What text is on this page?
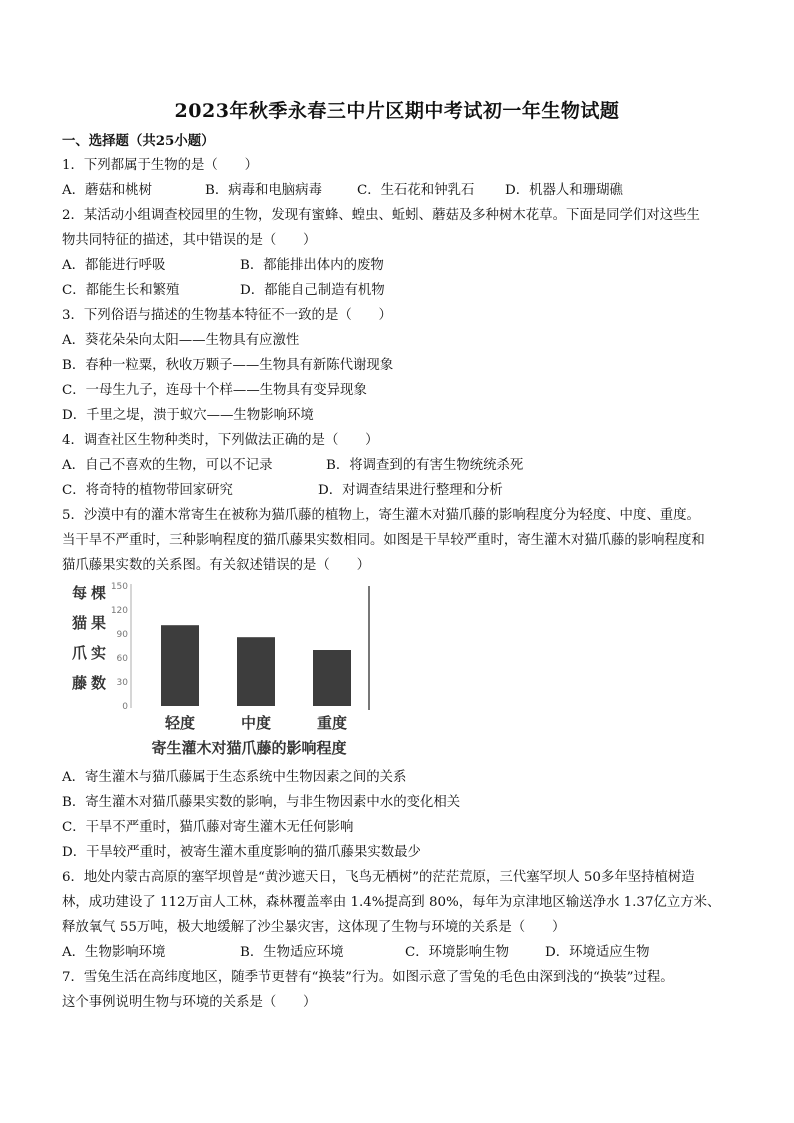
2023年秋季永春三中片区期中考试初一年生物试题
一、选择题（共25小题）
1．下列都属于生物的是（　　）
A．蘑菇和桃树	B．病毒和电脑病毒	C．生石花和钟乳石 D．机器人和珊瑚礁
2．某活动小组调查校园里的生物，发现有蜜蜂、蝗虫、蚯蚓、蘑菇及多种树木花草。下面是同学们对这些生
物共同特征的描述，其中错误的是（　　）
A．都能进行呼吸	B．都能排出体内的废物
C．都能生长和繁殖	D．都能自己制造有机物
3．下列俗语与描述的生物基本特征不一致的是（　　）
A．葵花朵朵向太阳——生物具有应激性
B．春种一粒粟，秋收万颗子——生物具有新陈代谢现象
C．一母生九子，连母十个样——生物具有变异现象
D．千里之堤，溃于蚁穴——生物影响环境
4．调查社区生物种类时，下列做法正确的是（　　）
A．自己不喜欢的生物，可以不记录	B．将调查到的有害生物统统杀死
C．将奇特的植物带回家研究	D．对调查结果进行整理和分析
5．沙漠中有的灌木常寄生在被称为猫爪藤的植物上，寄生灌木对猫爪藤的影响程度分为轻度、中度、重度。
当干旱不严重时，三种影响程度的猫爪藤果实数相同。如图是干旱较严重时，寄生灌木对猫爪藤的影响程度和
猫爪藤果实数的关系图。有关叙述错误的是（　　）
每 棵
猫 果
爪 实
藤 数
0
30
60
90
120
150
轻度	中度	重度
寄生灌木对猫爪藤的影响程度
A．寄生灌木与猫爪藤属于生态系统中生物因素之间的关系
B．寄生灌木对猫爪藤果实数的影响，与非生物因素中水的变化相关
C．干旱不严重时，猫爪藤对寄生灌木无任何影响
D．干旱较严重时，被寄生灌木重度影响的猫爪藤果实数最少
6．地处内蒙古高原的塞罕坝曾是“黄沙遮天日，飞鸟无栖树”的茫茫荒原，三代塞罕坝人 50多年坚持植树造
林，成功建设了 112万亩人工林，森林覆盖率由 1.4%提高到 80%，每年为京津地区输送净水 1.37亿立方米、
释放氧气 55万吨，极大地缓解了沙尘暴灾害，这体现了生物与环境的关系是（　　）
A．生物影响环境	B．生物适应环境	C．环境影响生物	D．环境适应生物
7．雪兔生活在高纬度地区，随季节更替有“换装”行为。如图示意了雪兔的毛色由深到浅的“换装”过程。
这个事例说明生物与环境的关系是（　　）
